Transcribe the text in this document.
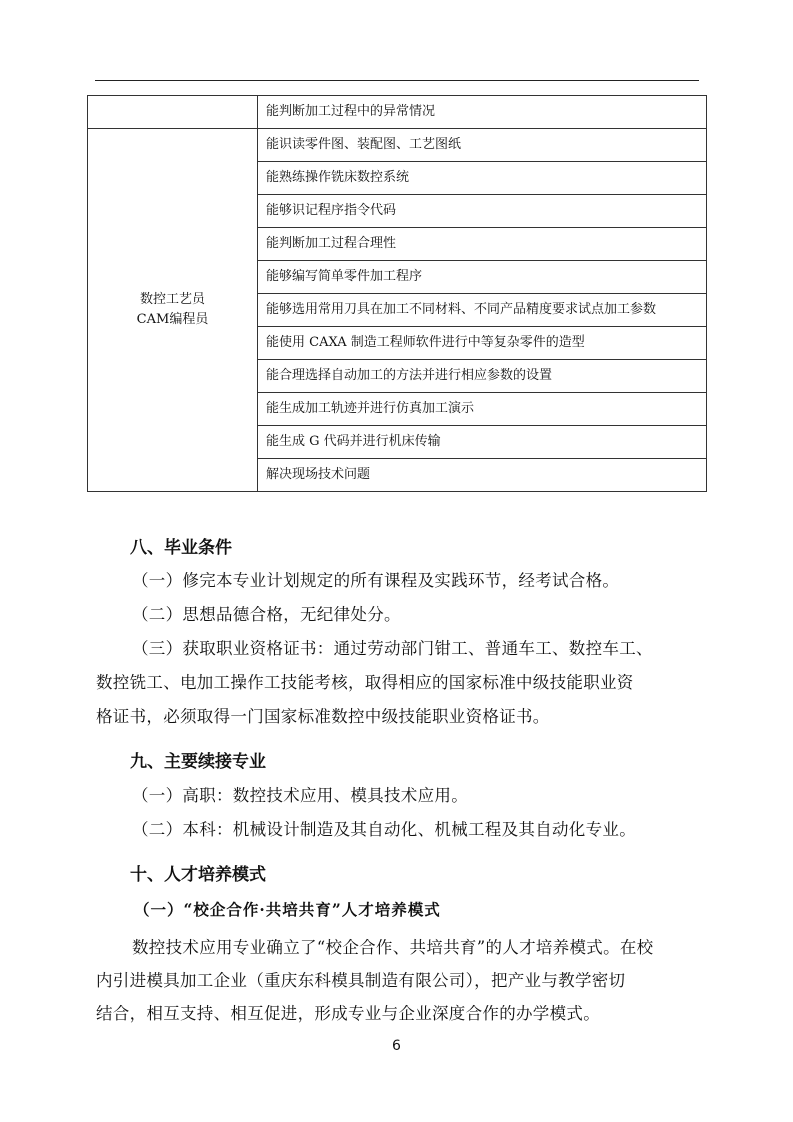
	能判断加工过程中的异常情况

数控工艺员
CAM编程员	能识读零件图、装配图、工艺图纸
	能熟练操作铣床数控系统
	能够识记程序指令代码
	能判断加工过程合理性
	能够编写简单零件加工程序
	能够选用常用刀具在加工不同材料、不同产品精度要求试点加工参数
	能使用 CAXA 制造工程师软件进行中等复杂零件的造型
	能合理选择自动加工的方法并进行相应参数的设置
	能生成加工轨迹并进行仿真加工演示
	能生成 G 代码并进行机床传输
	解决现场技术问题
八、毕业条件
（一）修完本专业计划规定的所有课程及实践环节，经考试合格。
（二）思想品德合格，无纪律处分。
（三）获取职业资格证书：通过劳动部门钳工、普通车工、数控车工、
数控铣工、电加工操作工技能考核，取得相应的国家标准中级技能职业资
格证书，必须取得一门国家标准数控中级技能职业资格证书。
九、主要续接专业
（一）高职：数控技术应用、模具技术应用。
（二）本科：机械设计制造及其自动化、机械工程及其自动化专业。
十、人才培养模式
（一）“校企合作·共培共育”人才培养模式
数控技术应用专业确立了“校企合作、共培共育”的人才培养模式。在校
内引进模具加工企业（重庆东科模具制造有限公司），把产业与教学密切
结合，相互支持、相互促进，形成专业与企业深度合作的办学模式。
6
